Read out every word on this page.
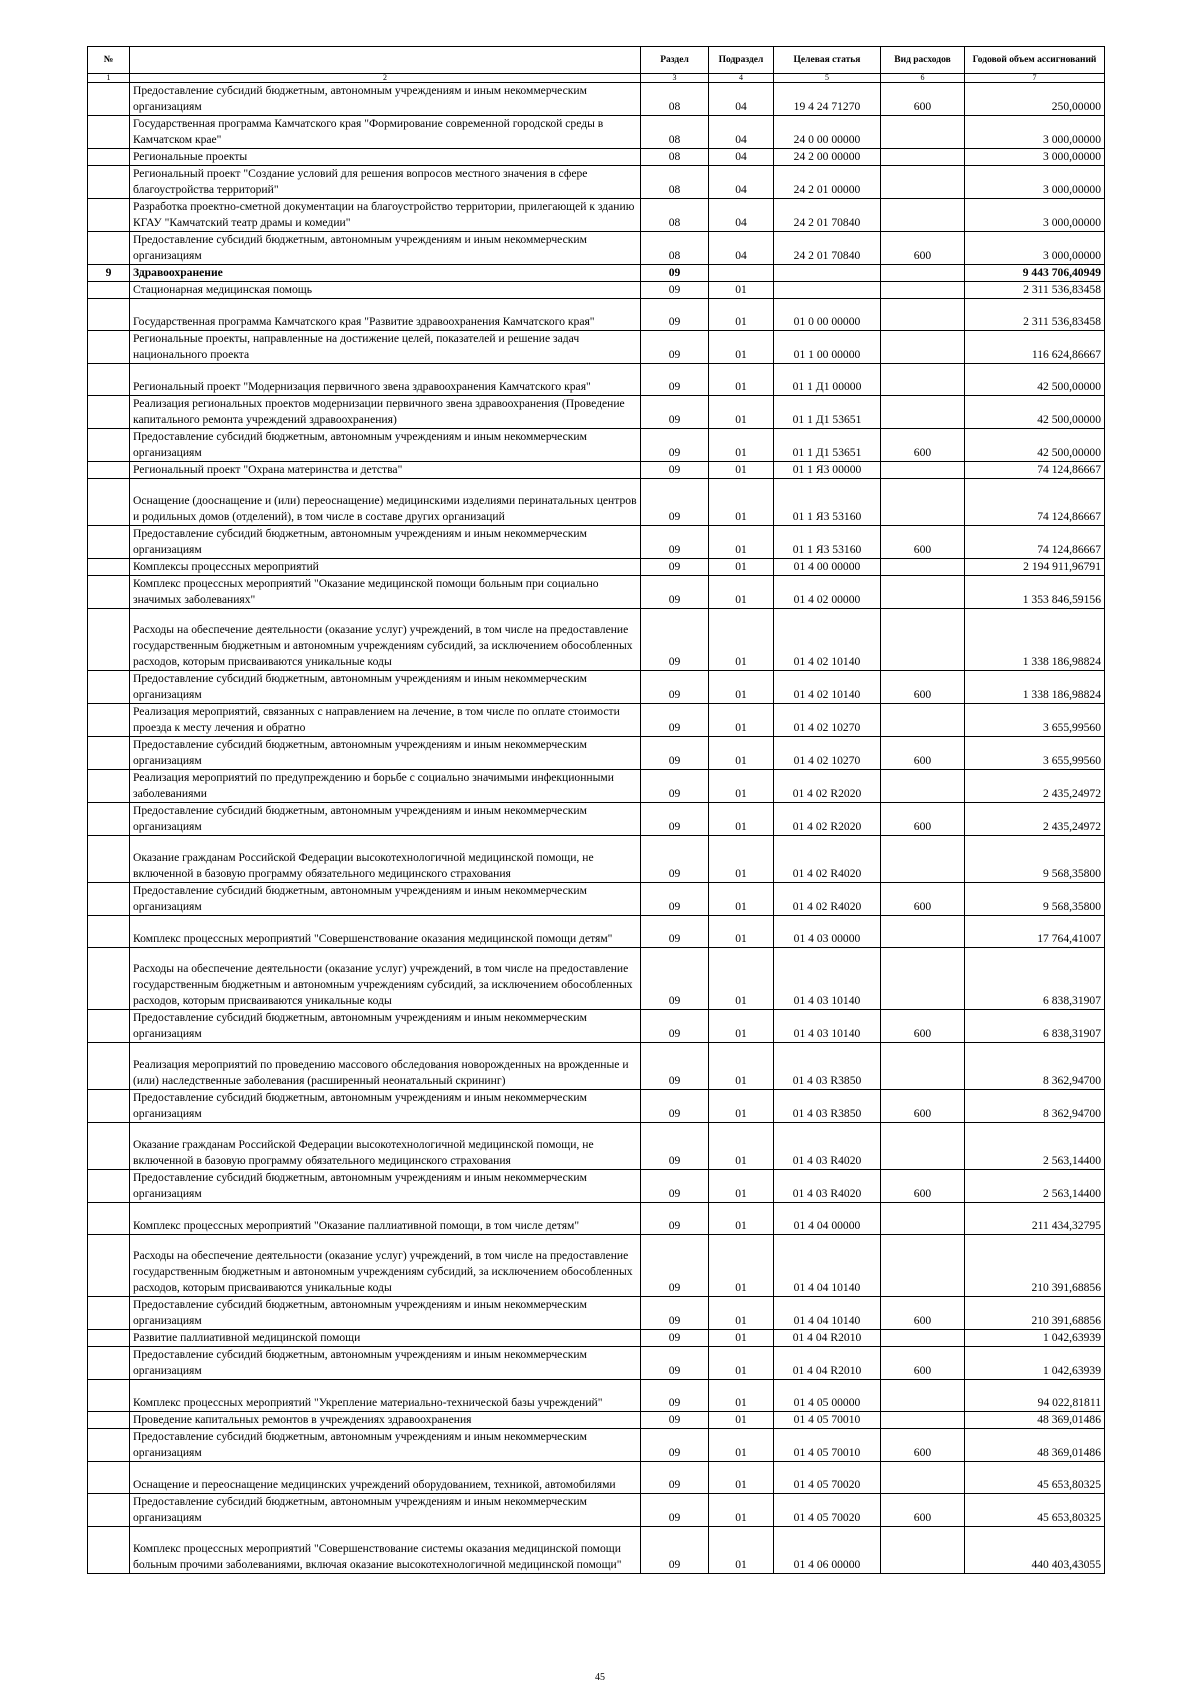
№		Раздел	Подраздел	Целевая статья	Вид расходов	Годовой объем ассигнований
1	2	3	4	5	6	7
	Предоставление субсидий бюджетным, автономным учреждениям и иным некоммерческим организациям	08	04	19 4 24 71270	600	250,00000
	Государственная программа Камчатского края "Формирование современной городской среды в Камчатском крае"	08	04	24 0 00 00000		3 000,00000
	Региональные проекты	08	04	24 2 00 00000		3 000,00000
	Региональный проект "Создание условий для решения вопросов местного значения в сфере благоустройства территорий"	08	04	24 2 01 00000		3 000,00000
	Разработка проектно-сметной документации на благоустройство территории, прилегающей к зданию КГАУ "Камчатский театр драмы и комедии"	08	04	24 2 01 70840		3 000,00000
	Предоставление субсидий бюджетным, автономным учреждениям и иным некоммерческим организациям	08	04	24 2 01 70840	600	3 000,00000
9	Здравоохранение	09				9 443 706,40949
	Стационарная медицинская помощь	09	01			2 311 536,83458
	Государственная программа Камчатского края "Развитие здравоохранения Камчатского края"	09	01	01 0 00 00000		2 311 536,83458
	Региональные проекты, направленные на достижение целей, показателей и решение задач национального проекта	09	01	01 1 00 00000		116 624,86667
	Региональный проект "Модернизация первичного звена здравоохранения Камчатского края"	09	01	01 1 Д1 00000		42 500,00000
	Реализация региональных проектов модернизации первичного звена здравоохранения (Проведение капитального ремонта учреждений здравоохранения)	09	01	01 1 Д1 53651		42 500,00000
	Предоставление субсидий бюджетным, автономным учреждениям и иным некоммерческим организациям	09	01	01 1 Д1 53651	600	42 500,00000
	Региональный проект "Охрана материнства и детства"	09	01	01 1 Я3 00000		74 124,86667
	Оснащение (дооснащение и (или) переоснащение) медицинскими изделиями перинатальных центров и родильных домов (отделений), в том числе в составе других организаций	09	01	01 1 Я3 53160		74 124,86667
	Предоставление субсидий бюджетным, автономным учреждениям и иным некоммерческим организациям	09	01	01 1 Я3 53160	600	74 124,86667
	Комплексы процессных мероприятий	09	01	01 4 00 00000		2 194 911,96791
	Комплекс процессных мероприятий "Оказание медицинской помощи больным при социально значимых заболеваниях"	09	01	01 4 02 00000		1 353 846,59156
	Расходы на обеспечение деятельности (оказание услуг) учреждений, в том числе на предоставление государственным бюджетным и автономным учреждениям субсидий, за исключением обособленных расходов, которым присваиваются уникальные коды	09	01	01 4 02 10140		1 338 186,98824
	Предоставление субсидий бюджетным, автономным учреждениям и иным некоммерческим организациям	09	01	01 4 02 10140	600	1 338 186,98824
	Реализация мероприятий, связанных с направлением на лечение, в том числе по оплате стоимости проезда к месту лечения и обратно	09	01	01 4 02 10270		3 655,99560
	Предоставление субсидий бюджетным, автономным учреждениям и иным некоммерческим организациям	09	01	01 4 02 10270	600	3 655,99560
	Реализация мероприятий по предупреждению и борьбе с социально значимыми инфекционными заболеваниями	09	01	01 4 02 R2020		2 435,24972
	Предоставление субсидий бюджетным, автономным учреждениям и иным некоммерческим организациям	09	01	01 4 02 R2020	600	2 435,24972
	Оказание гражданам Российской Федерации высокотехнологичной медицинской помощи, не включенной в базовую программу обязательного медицинского страхования	09	01	01 4 02 R4020		9 568,35800
	Предоставление субсидий бюджетным, автономным учреждениям и иным некоммерческим организациям	09	01	01 4 02 R4020	600	9 568,35800
	Комплекс процессных мероприятий "Совершенствование оказания медицинской помощи детям"	09	01	01 4 03 00000		17 764,41007
	Расходы на обеспечение деятельности (оказание услуг) учреждений, в том числе на предоставление государственным бюджетным и автономным учреждениям субсидий, за исключением обособленных расходов, которым присваиваются уникальные коды	09	01	01 4 03 10140		6 838,31907
	Предоставление субсидий бюджетным, автономным учреждениям и иным некоммерческим организациям	09	01	01 4 03 10140	600	6 838,31907
	Реализация мероприятий по проведению массового обследования новорожденных на врожденные и (или) наследственные заболевания (расширенный неонатальный скрининг)	09	01	01 4 03 R3850		8 362,94700
	Предоставление субсидий бюджетным, автономным учреждениям и иным некоммерческим организациям	09	01	01 4 03 R3850	600	8 362,94700
	Оказание гражданам Российской Федерации высокотехнологичной медицинской помощи, не включенной в базовую программу обязательного медицинского страхования	09	01	01 4 03 R4020		2 563,14400
	Предоставление субсидий бюджетным, автономным учреждениям и иным некоммерческим организациям	09	01	01 4 03 R4020	600	2 563,14400
	Комплекс процессных мероприятий "Оказание паллиативной помощи, в том числе детям"	09	01	01 4 04 00000		211 434,32795
	Расходы на обеспечение деятельности (оказание услуг) учреждений, в том числе на предоставление государственным бюджетным и автономным учреждениям субсидий, за исключением обособленных расходов, которым присваиваются уникальные коды	09	01	01 4 04 10140		210 391,68856
	Предоставление субсидий бюджетным, автономным учреждениям и иным некоммерческим организациям	09	01	01 4 04 10140	600	210 391,68856
	Развитие паллиативной медицинской помощи	09	01	01 4 04 R2010		1 042,63939
	Предоставление субсидий бюджетным, автономным учреждениям и иным некоммерческим организациям	09	01	01 4 04 R2010	600	1 042,63939
	Комплекс процессных мероприятий "Укрепление материально-технической базы учреждений"	09	01	01 4 05 00000		94 022,81811
	Проведение капитальных ремонтов в учреждениях здравоохранения	09	01	01 4 05 70010		48 369,01486
	Предоставление субсидий бюджетным, автономным учреждениям и иным некоммерческим организациям	09	01	01 4 05 70010	600	48 369,01486
	Оснащение и переоснащение медицинских учреждений оборудованием, техникой, автомобилями	09	01	01 4 05 70020		45 653,80325
	Предоставление субсидий бюджетным, автономным учреждениям и иным некоммерческим организациям	09	01	01 4 05 70020	600	45 653,80325
	Комплекс процессных мероприятий "Совершенствование системы оказания медицинской помощи больным прочими заболеваниями, включая оказание высокотехнологичной медицинской помощи"	09	01	01 4 06 00000		440 403,43055
45
